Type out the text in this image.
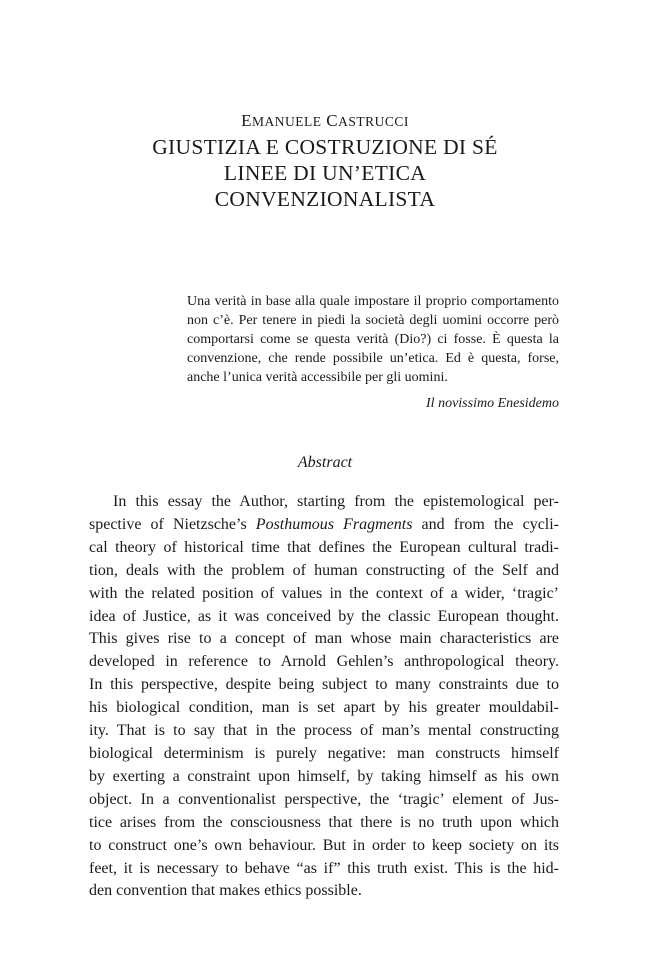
EMANUELE CASTRUCCI
GIUSTIZIA E COSTRUZIONE DI SÉ
LINEE DI UN’ETICA
CONVENZIONALISTA

Una verità in base alla quale impostare il proprio comportamento non c’è. Per tenere in piedi la società degli uomini occorre però comportarsi come se questa verità (Dio?) ci fosse. È questa la convenzione, che rende possibile un’etica. Ed è questa, forse, anche l’unica verità accessibile per gli uomini.

Il novissimo Enesidemo
Abstract
In this essay the Author, starting from the epistemological per-
spective of Nietzsche’s Posthumous Fragments and from the cycli-
cal theory of historical time that defines the European cultural tradi-
tion, deals with the problem of human constructing of the Self and
with the related position of values in the context of a wider, ‘tragic’
idea of Justice, as it was conceived by the classic European thought.
This gives rise to a concept of man whose main characteristics are
developed in reference to Arnold Gehlen’s anthropological theory.
In this perspective, despite being subject to many constraints due to
his biological condition, man is set apart by his greater mouldabil-
ity. That is to say that in the process of man’s mental constructing
biological determinism is purely negative: man constructs himself
by exerting a constraint upon himself, by taking himself as his own
object. In a conventionalist perspective, the ‘tragic’ element of Jus-
tice arises from the consciousness that there is no truth upon which
to construct one’s own behaviour. But in order to keep society on its
feet, it is necessary to behave “as if” this truth exist. This is the hid-
den convention that makes ethics possible.
